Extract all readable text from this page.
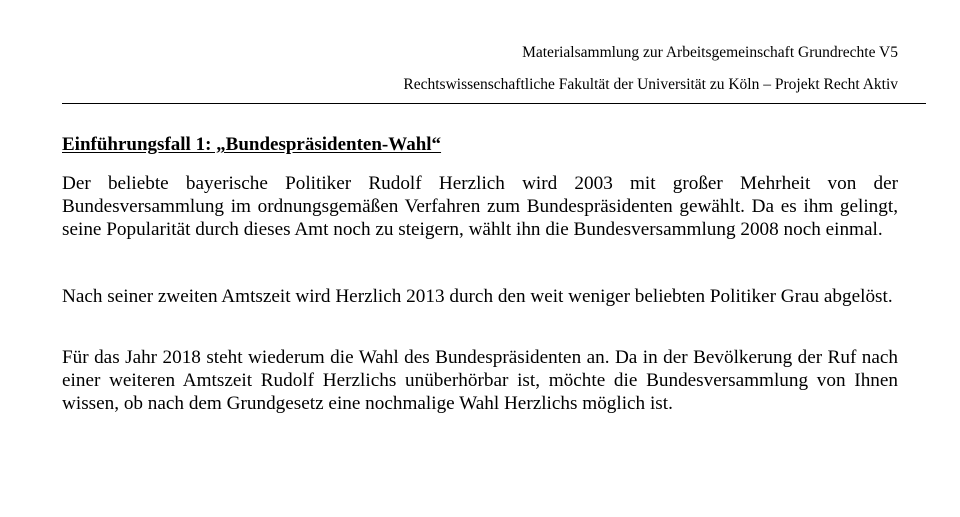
Materialsammlung zur Arbeitsgemeinschaft Grundrechte V5
Rechtswissenschaftliche Fakultät der Universität zu Köln – Projekt Recht Aktiv
Einführungsfall 1: „Bundespräsidenten-Wahl“

Der beliebte bayerische Politiker Rudolf Herzlich wird 2003 mit großer Mehrheit von der Bundesversammlung im ordnungsgemäßen Verfahren zum Bundespräsidenten gewählt. Da es ihm gelingt, seine Popularität durch dieses Amt noch zu steigern, wählt ihn die Bundesversammlung 2008 noch einmal.

Nach seiner zweiten Amtszeit wird Herzlich 2013 durch den weit weniger beliebten Politiker Grau abgelöst.

Für das Jahr 2018 steht wiederum die Wahl des Bundespräsidenten an. Da in der Bevölkerung der Ruf nach einer weiteren Amtszeit Rudolf Herzlichs unüberhörbar ist, möchte die Bundesversammlung von Ihnen wissen, ob nach dem Grundgesetz eine nochmalige Wahl Herzlichs möglich ist.
